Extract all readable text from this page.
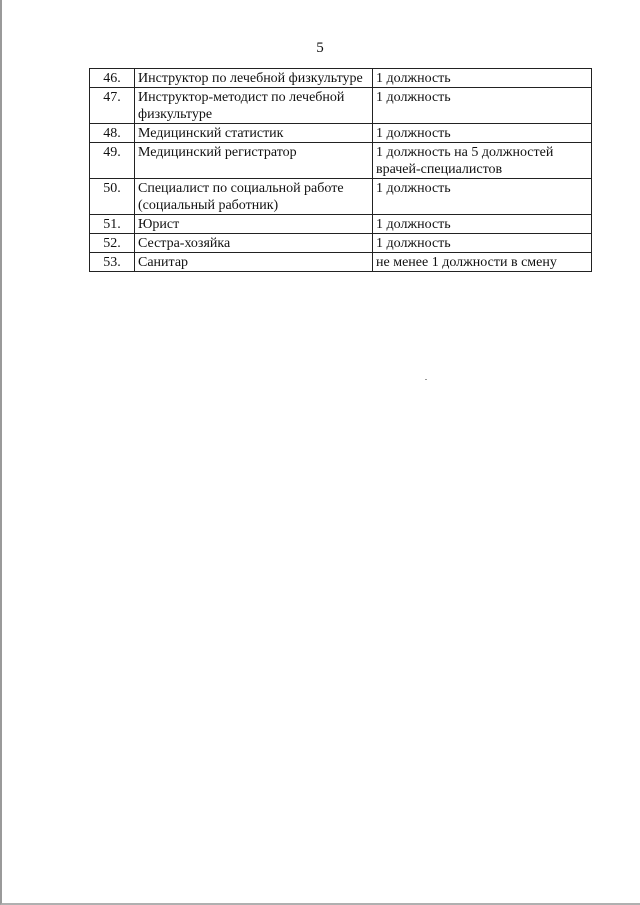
5
46.	Инструктор по лечебной физкультуре	1 должность
47.	Инструктор-методист по лечебной физкультуре	1 должность
48.	Медицинский статистик	1 должность
49.	Медицинский регистратор	1 должность на 5 должностей врачей-специалистов
50.	Специалист по социальной работе (социальный работник)	1 должность
51.	Юрист	1 должность
52.	Сестра-хозяйка	1 должность
53.	Санитар	не менее 1 должности в смену
